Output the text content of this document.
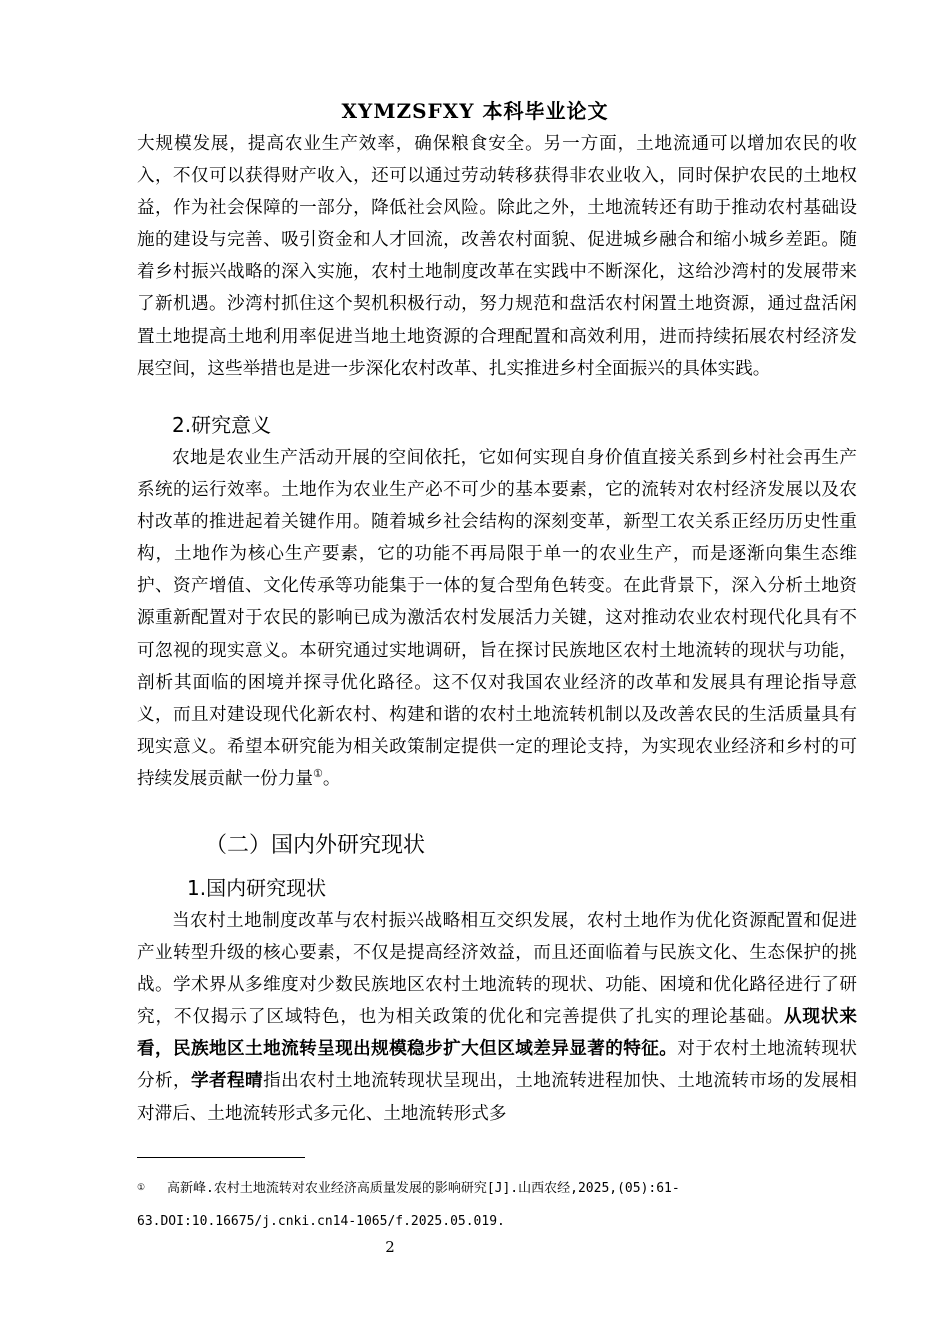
XYMZSFXY 本科毕业论文

大规模发展，提高农业生产效率，确保粮食安全。另一方面，土地流通可以增加农民的收入，不仅可以获得财产收入，还可以通过劳动转移获得非农业收入，同时保护农民的土地权益，作为社会保障的一部分，降低社会风险。除此之外，土地流转还有助于推动农村基础设施的建设与完善、吸引资金和人才回流，改善农村面貌、促进城乡融合和缩小城乡差距。随着乡村振兴战略的深入实施，农村土地制度改革在实践中不断深化，这给沙湾村的发展带来了新机遇。沙湾村抓住这个契机积极行动，努力规范和盘活农村闲置土地资源，通过盘活闲置土地提高土地利用率促进当地土地资源的合理配置和高效利用，进而持续拓展农村经济发展空间，这些举措也是进一步深化农村改革、扎实推进乡村全面振兴的具体实践。

2.研究意义

农地是农业生产活动开展的空间依托，它如何实现自身价值直接关系到乡村社会再生产系统的运行效率。土地作为农业生产必不可少的基本要素，它的流转对农村经济发展以及农村改革的推进起着关键作用。随着城乡社会结构的深刻变革，新型工农关系正经历历史性重构，土地作为核心生产要素，它的功能不再局限于单一的农业生产，而是逐渐向集生态维护、资产增值、文化传承等功能集于一体的复合型角色转变。在此背景下，深入分析土地资源重新配置对于农民的影响已成为激活农村发展活力关键，这对推动农业农村现代化具有不可忽视的现实意义。本研究通过实地调研，旨在探讨民族地区农村土地流转的现状与功能，剖析其面临的困境并探寻优化路径。这不仅对我国农业经济的改革和发展具有理论指导意义，而且对建设现代化新农村、构建和谐的农村土地流转机制以及改善农民的生活质量具有现实意义。希望本研究能为相关政策制定提供一定的理论支持，为实现农业经济和乡村的可持续发展贡献一份力量①。

（二）国内外研究现状

1.国内研究现状

当农村土地制度改革与农村振兴战略相互交织发展，农村土地作为优化资源配置和促进产业转型升级的核心要素，不仅是提高经济效益，而且还面临着与民族文化、生态保护的挑战。学术界从多维度对少数民族地区农村土地流转的现状、功能、困境和优化路径进行了研究，不仅揭示了区域特色，也为相关政策的优化和完善提供了扎实的理论基础。从现状来看，民族地区土地流转呈现出规模稳步扩大但区域差异显著的特征。对于农村土地流转现状分析，学者程晴指出农村土地流转现状呈现出，土地流转进程加快、土地流转市场的发展相对滞后、土地流转形式多元化、土地流转形式多

①	高新峰.农村土地流转对农业经济高质量发展的影响研究[J].山西农经,2025,(05):61-
63.DOI:10.16675/j.cnki.cn14-1065/f.2025.05.019.
2
